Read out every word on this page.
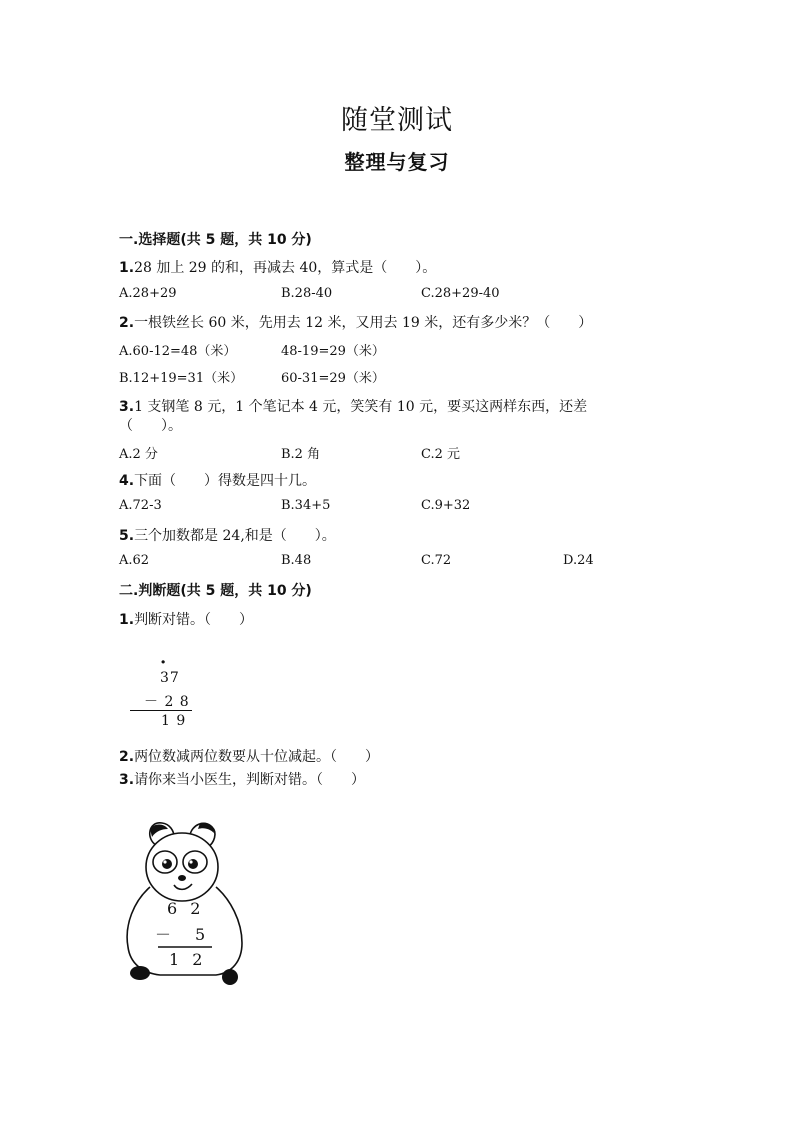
随堂测试
整理与复习
一.选择题(共 5 题，共 10 分)
1.28 加上 29 的和，再减去 40，算式是（　　）。
A.28+29	B.28-40	C.28+29-40
2.一根铁丝长 60 米，先用去 12 米，又用去 19 米，还有多少米？（　　）
A.60-12=48（米）	48-19=29（米）
B.12+19=31（米）	60-31=29（米）
3.1 支钢笔 8 元，1 个笔记本 4 元，笑笑有 10 元，要买这两样东西，还差
（　　）。
A.2 分	B.2 角	C.2 元
4.下面（　　）得数是四十几。
A.72-3	B.34+5	C.9+32
5.三个加数都是 24,和是（　　）。
A.62	B.48	C.72	D.24
二.判断题(共 5 题，共 10 分)
1.判断对错。（　　）
·
37
－ 2 8
1 9
2.两位数减两位数要从十位减起。（　　）
3.请你来当小医生，判断对错。（　　）
6 2
－　5
1 2
